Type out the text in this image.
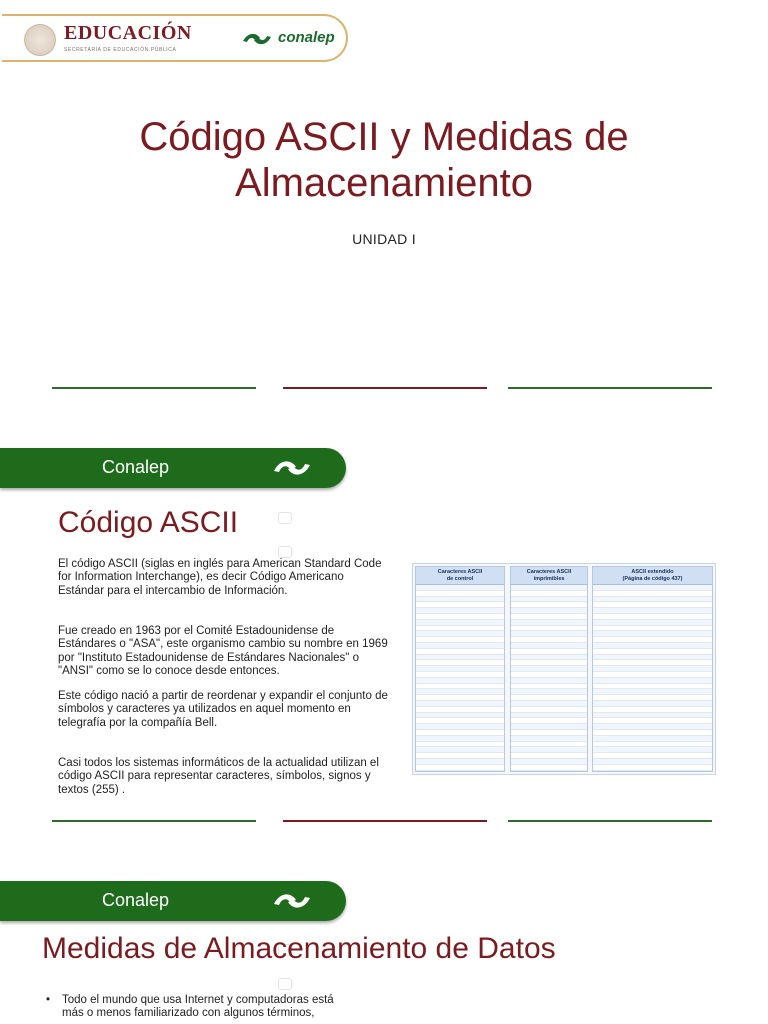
EDUCACIÓN
SECRETARÍA DE EDUCACIÓN PÚBLICA
conalep
Código ASCII y Medidas de
Almacenamiento
UNIDAD I
Conalep
Código ASCII
El código ASCII (siglas en inglés para American Standard Code for Information Interchange), es decir Código Americano Estándar para el intercambio de Información.
Fue creado en 1963 por el Comité Estadounidense de Estándares o "ASA", este organismo cambio su nombre en 1969 por "Instituto Estadounidense de Estándares Nacionales" o "ANSI" como se lo conoce desde entonces.
Este código nació a partir de reordenar y expandir el conjunto de símbolos y caracteres ya utilizados en aquel momento en telegrafía por la compañía Bell.
Casi todos los sistemas informáticos de la actualidad utilizan el código ASCII para representar caracteres, símbolos, signos y textos (255) .
Caracteres ASCII
de control
Caracteres ASCII
imprimibles
ASCII extendido
(Página de código 437)
Conalep
Medidas de Almacenamiento de Datos
•	Todo el mundo que usa Internet y computadoras está
más o menos familiarizado con algunos términos,
